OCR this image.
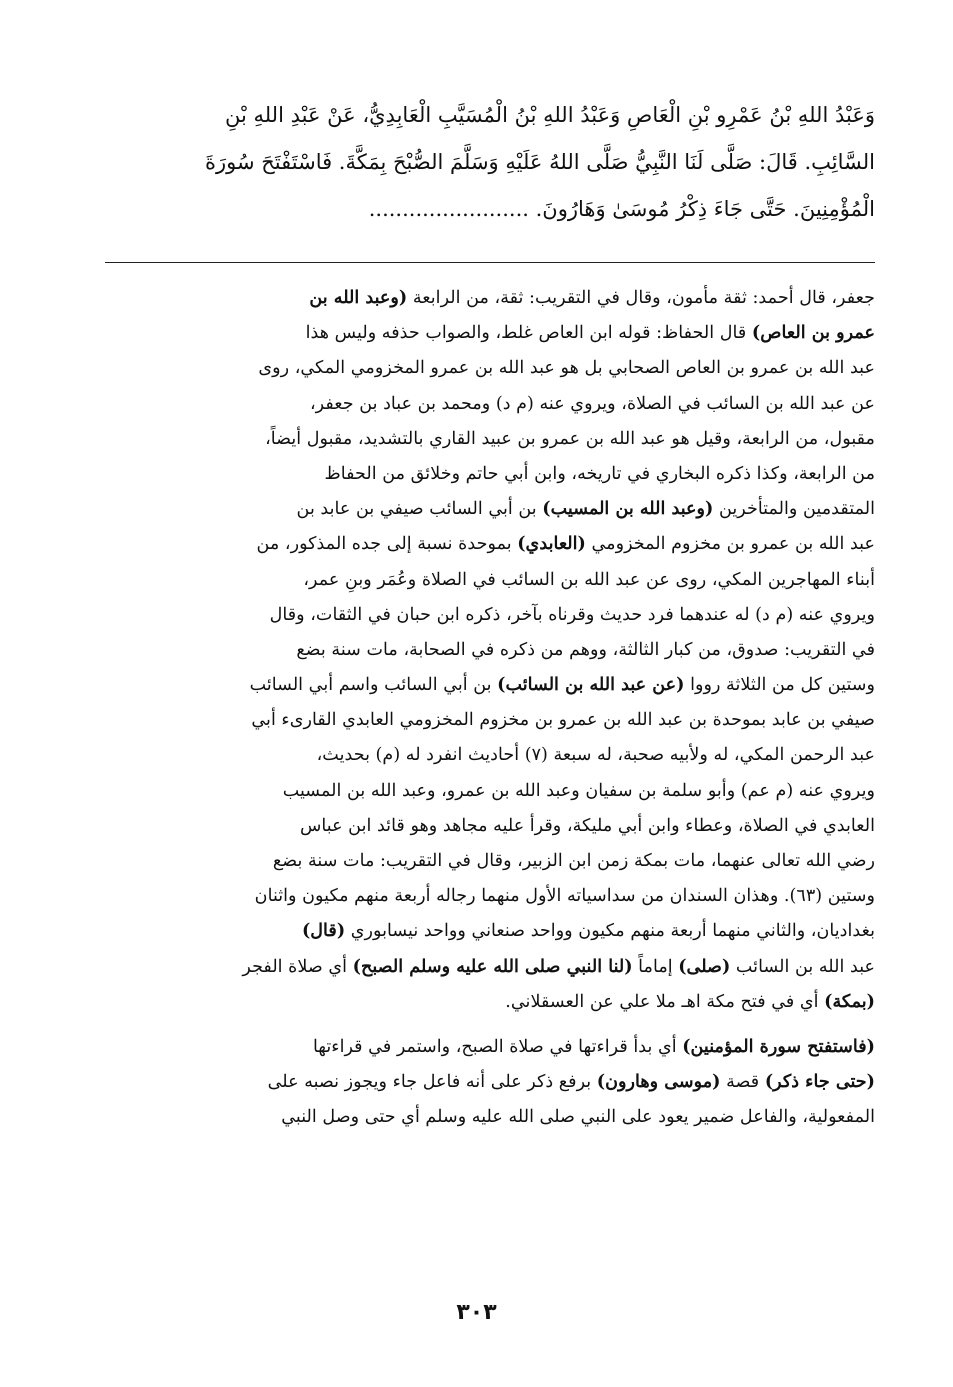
وَعَبْدُ اللهِ بْنُ عَمْرِو بْنِ الْعَاصِ وَعَبْدُ اللهِ بْنُ الْمُسَيَّبِ الْعَابِدِيُّ، عَنْ عَبْدِ اللهِ بْنِ
السَّائِبِ. قَالَ: صَلَّى لَنَا النَّبِيُّ صَلَّى اللهُ عَلَيْهِ وَسَلَّمَ الصُّبْحَ بِمَكَّةَ. فَاسْتَفْتَحَ سُورَةَ
الْمُؤْمِنِينَ. حَتَّى جَاءَ ذِكْرُ مُوسَىٰ وَهَارُونَ. ........................

جعفر، قال أحمد: ثقة مأمون، وقال في التقريب: ثقة، من الرابعة (وعبد الله بن
عمرو بن العاص) قال الحفاظ: قوله ابن العاص غلط، والصواب حذفه وليس هذا
عبد الله بن عمرو بن العاص الصحابي بل هو عبد الله بن عمرو المخزومي المكي، روى
عن عبد الله بن السائب في الصلاة، ويروي عنه (م د) ومحمد بن عباد بن جعفر،
مقبول، من الرابعة، وقيل هو عبد الله بن عمرو بن عبيد القاري بالتشديد، مقبول أيضاً،
من الرابعة، وكذا ذكره البخاري في تاريخه، وابن أبي حاتم وخلائق من الحفاظ
المتقدمين والمتأخرين (وعبد الله بن المسيب) بن أبي السائب صيفي بن عابد بن
عبد الله بن عمرو بن مخزوم المخزومي (العابدي) بموحدة نسبة إلى جده المذكور، من
أبناء المهاجرين المكي، روى عن عبد الله بن السائب في الصلاة وعُمَر وبنِ عمر،
ويروي عنه (م د) له عندهما فرد حديث وقرناه بآخر، ذكره ابن حبان في الثقات، وقال
في التقريب: صدوق، من كبار الثالثة، ووهم من ذكره في الصحابة، مات سنة بضع
وستين كل من الثلاثة رووا (عن عبد الله بن السائب) بن أبي السائب واسم أبي السائب
صيفي بن عابد بموحدة بن عبد الله بن عمرو بن مخزوم المخزومي العابدي القارىء أبي
عبد الرحمن المكي، له ولأبيه صحبة، له سبعة (٧) أحاديث انفرد له (م) بحديث،
ويروي عنه (م عم) وأبو سلمة بن سفيان وعبد الله بن عمرو، وعبد الله بن المسيب
العابدي في الصلاة، وعطاء وابن أبي مليكة، وقرأ عليه مجاهد وهو قائد ابن عباس
رضي الله تعالى عنهما، مات بمكة زمن ابن الزبير، وقال في التقريب: مات سنة بضع
وستين (٦٣). وهذان السندان من سداسياته الأول منهما رجاله أربعة منهم مكيون واثنان
بغداديان، والثاني منهما أربعة منهم مكيون وواحد صنعاني وواحد نيسابوري (قال)
عبد الله بن السائب (صلى) إماماً (لنا النبي صلى الله عليه وسلم الصبح) أي صلاة الفجر
(بمكة) أي في فتح مكة اهـ ملا علي عن العسقلاني.

(فاستفتح سورة المؤمنين) أي بدأ قراءتها في صلاة الصبح، واستمر في قراءتها
(حتى جاء ذكر) قصة (موسى وهارون) برفع ذكر على أنه فاعل جاء ويجوز نصبه على
المفعولية، والفاعل ضمير يعود على النبي صلى الله عليه وسلم أي حتى وصل النبي

٣٠٣
